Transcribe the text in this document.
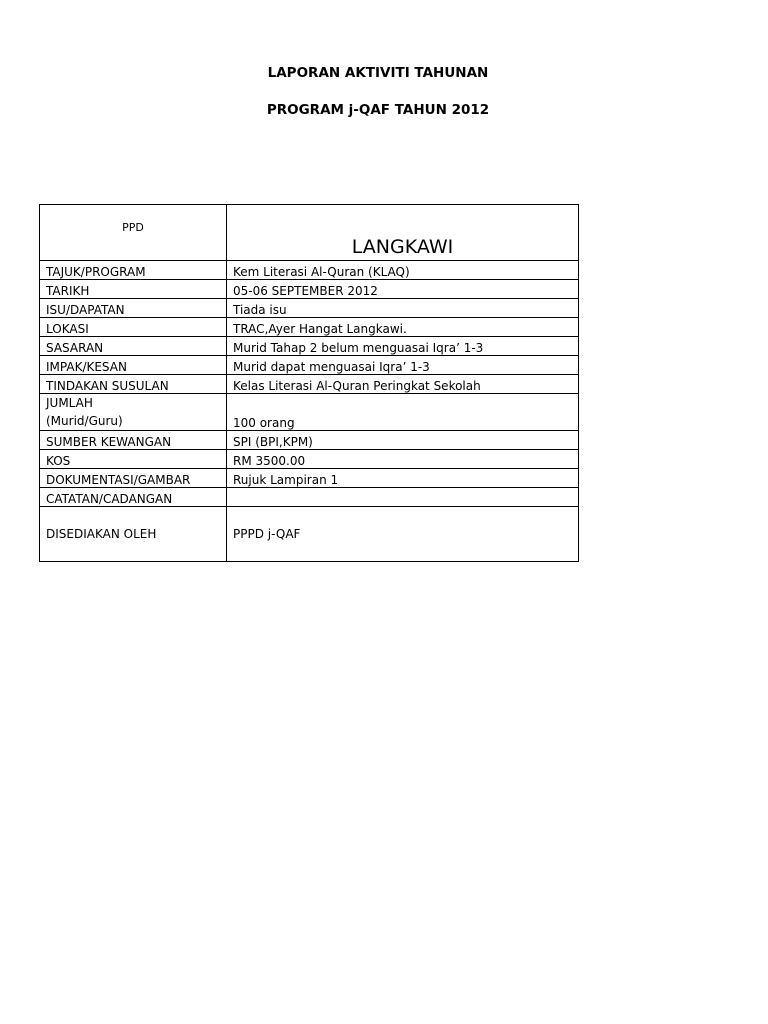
LAPORAN AKTIVITI TAHUNAN
PROGRAM j-QAF TAHUN 2012
PPD	LANGKAWI
TAJUK/PROGRAM	Kem Literasi Al-Quran (KLAQ)
TARIKH	05-06 SEPTEMBER 2012
ISU/DAPATAN	Tiada isu
LOKASI	TRAC,Ayer Hangat Langkawi.
SASARAN	Murid Tahap 2 belum menguasai Iqra’ 1-3
IMPAK/KESAN	Murid dapat menguasai Iqra’ 1-3
TINDAKAN SUSULAN	Kelas Literasi Al-Quran Peringkat Sekolah

JUMLAH
(Murid/Guru)	100 orang
SUMBER KEWANGAN	SPI (BPI,KPM)
KOS	RM 3500.00
DOKUMENTASI/GAMBAR	Rujuk Lampiran 1
CATATAN/CADANGAN	
DISEDIAKAN OLEH	PPPD j-QAF
